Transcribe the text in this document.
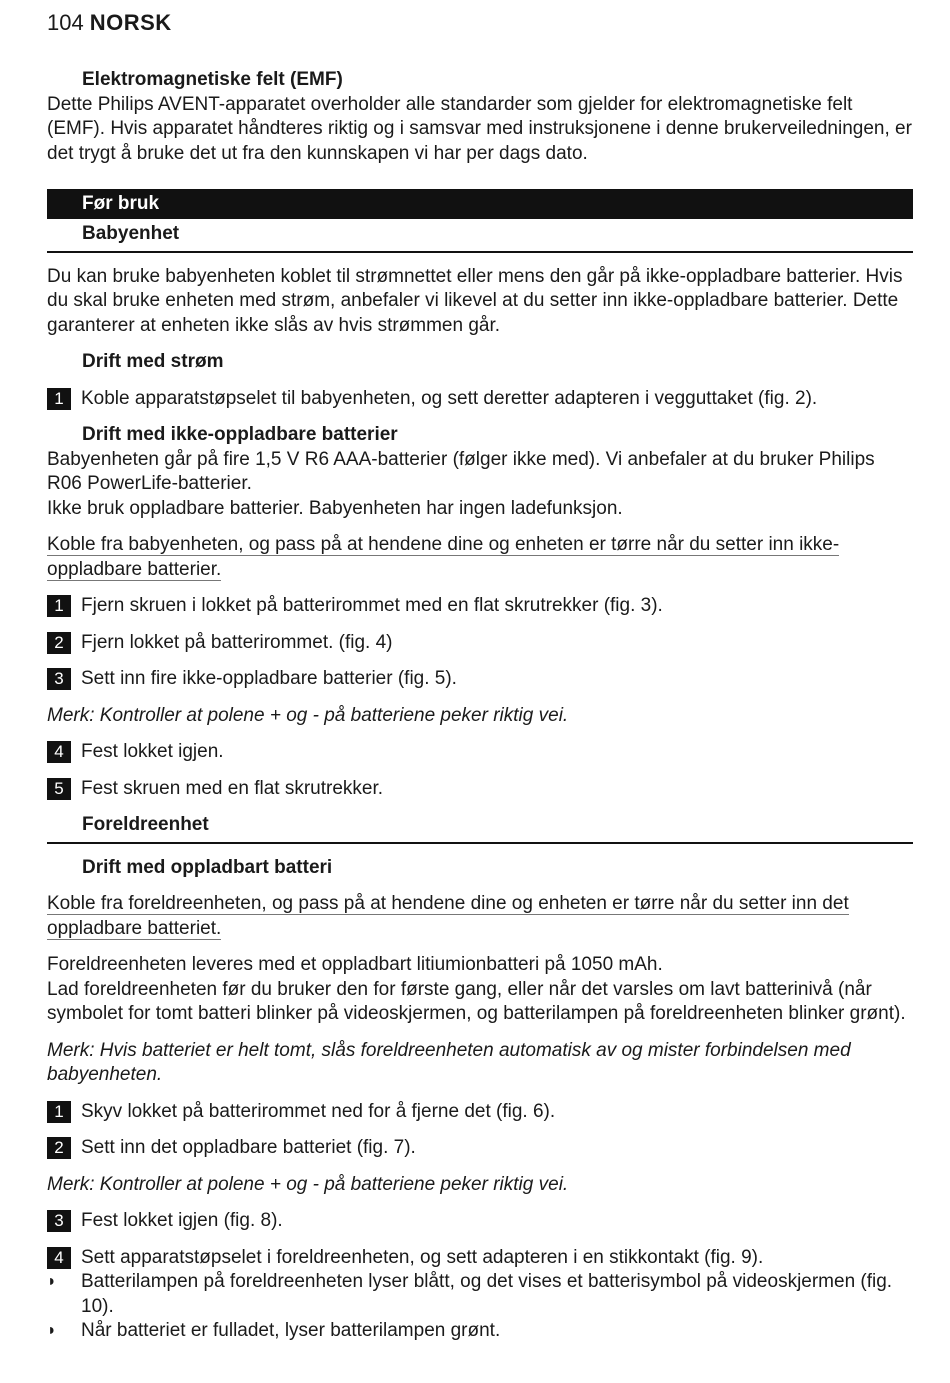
104 NORSK
Elektromagnetiske felt (EMF)

Dette Philips AVENT-apparatet overholder alle standarder som gjelder for elektromagnetiske felt (EMF). Hvis apparatet håndteres riktig og i samsvar med instruksjonene i denne brukerveiledningen, er det trygt å bruke det ut fra den kunnskapen vi har per dags dato.

Før bruk
Babyenhet

Du kan bruke babyenheten koblet til strømnettet eller mens den går på ikke-oppladbare batterier. Hvis du skal bruke enheten med strøm, anbefaler vi likevel at du setter inn ikke-oppladbare batterier. Dette garanterer at enheten ikke slås av hvis strømmen går.

Drift med strøm
1 Koble apparatstøpselet til babyenheten, og sett deretter adapteren i vegguttaket (fig. 2).
Drift med ikke-oppladbare batterier

Babyenheten går på fire 1,5 V R6 AAA-batterier (følger ikke med). Vi anbefaler at du bruker Philips R06 PowerLife-batterier.

Ikke bruk oppladbare batterier. Babyenheten har ingen ladefunksjon.

Koble fra babyenheten, og pass på at hendene dine og enheten er tørre når du setter inn ikke-oppladbare batterier.

1 Fjern skruen i lokket på batterirommet med en flat skrutrekker (fig. 3).
2 Fjern lokket på batterirommet. (fig. 4)
3 Sett inn fire ikke-oppladbare batterier (fig. 5).

Merk: Kontroller at polene + og - på batteriene peker riktig vei.

4 Fest lokket igjen.
5 Fest skruen med en flat skrutrekker.
Foreldreenhet
Drift med oppladbart batteri

Koble fra foreldreenheten, og pass på at hendene dine og enheten er tørre når du setter inn det oppladbare batteriet.

Foreldreenheten leveres med et oppladbart litiumionbatteri på 1050 mAh.

Lad foreldreenheten før du bruker den for første gang, eller når det varsles om lavt batterinivå (når symbolet for tomt batteri blinker på videoskjermen, og batterilampen på foreldreenheten blinker grønt).

Merk: Hvis batteriet er helt tomt, slås foreldreenheten automatisk av og mister forbindelsen med babyenheten.

1 Skyv lokket på batterirommet ned for å fjerne det (fig. 6).
2 Sett inn det oppladbare batteriet (fig. 7).

Merk: Kontroller at polene + og - på batteriene peker riktig vei.

3 Fest lokket igjen (fig. 8).
4 Sett apparatstøpselet i foreldreenheten, og sett adapteren i en stikkontakt (fig. 9).
◗	Batterilampen på foreldreenheten lyser blått, og det vises et batterisymbol på videoskjermen (fig. 10).
◗	Når batteriet er fulladet, lyser batterilampen grønt.
